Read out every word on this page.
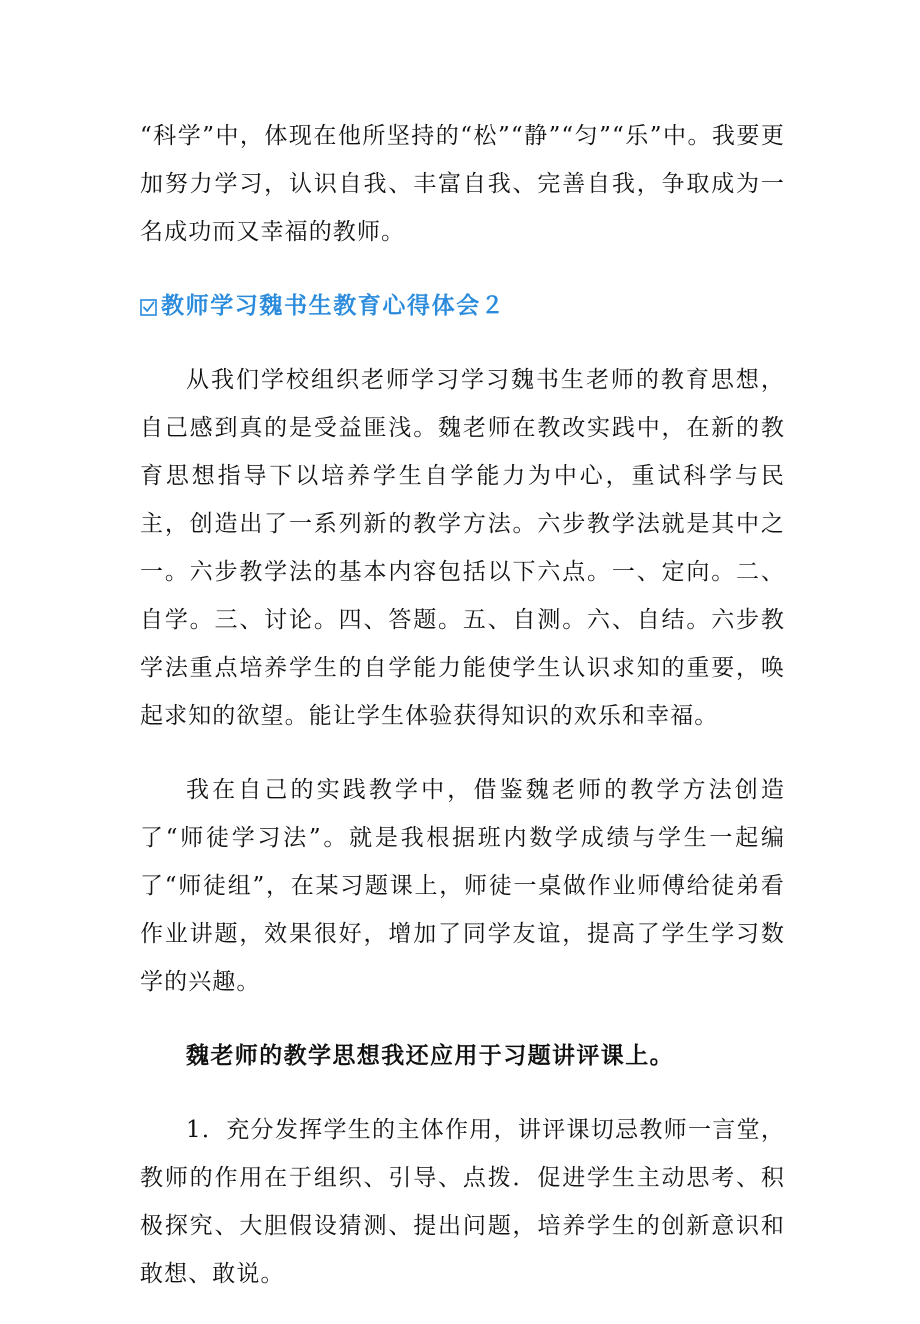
“科学”中，体现在他所坚持的“松”“静”“匀”“乐”中。我要更加努力学习，认识自我、丰富自我、完善自我，争取成为一名成功而又幸福的教师。

教师学习魏书生教育心得体会２

从我们学校组织老师学习学习魏书生老师的教育思想，自己感到真的是受益匪浅。魏老师在教改实践中，在新的教育思想指导下以培养学生自学能力为中心，重试科学与民主，创造出了一系列新的教学方法。六步教学法就是其中之一。六步教学法的基本内容包括以下六点。一、定向。二、自学。三、讨论。四、答题。五、自测。六、自结。六步教学法重点培养学生的自学能力能使学生认识求知的重要，唤起求知的欲望。能让学生体验获得知识的欢乐和幸福。

我在自己的实践教学中，借鉴魏老师的教学方法创造了“师徒学习法”。就是我根据班内数学成绩与学生一起编了“师徒组”，在某习题课上，师徒一桌做作业师傅给徒弟看作业讲题，效果很好，增加了同学友谊，提高了学生学习数学的兴趣。

魏老师的教学思想我还应用于习题讲评课上。

1．充分发挥学生的主体作用，讲评课切忌教师一言堂，教师的作用在于组织、引导、点拨．促进学生主动思考、积极探究、大胆假设猜测、提出问题，培养学生的创新意识和敢想、敢说。
